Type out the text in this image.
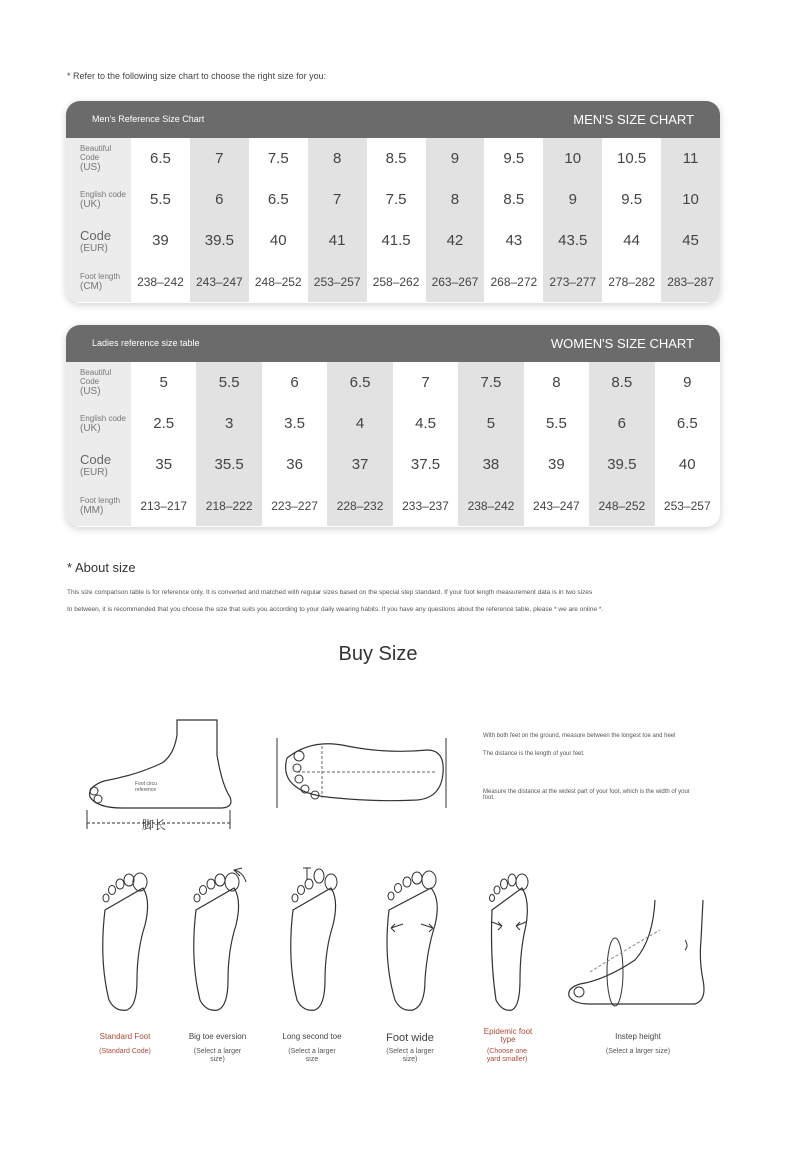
* Refer to the following size chart to choose the right size for you:
Men's Reference Size Chart	MEN'S SIZE CHART
Beautiful Code
(US)
6.5	7	7.5	8	8.5	9	9.5	10	10.5	11
English code
(UK)	5.5	6	6.5	7	7.5	8	8.5	9	9.5	10
Code
(EUR)	39	39.5	40	41	41.5	42	43	43.5	44	45
Foot length
(CM)	238–242	243–247	248–252	253–257	258–262	263–267	268–272	273–277	278–282	283–287
Ladies reference size table	WOMEN'S SIZE CHART
Beautiful Code
(US)
5	5.5	6	6.5	7	7.5	8	8.5	9
English code
(UK)	2.5	3	3.5	4	4.5	5	5.5	6	6.5
Code
(EUR)	35	35.5	36	37	37.5	38	39	39.5	40
Foot length
(MM)	213–217	218–222	223–227	228–232	233–237	238–242	243–247	248–252	253–257
* About size
This size comparison table is for reference only. It is converted and matched with regular sizes based on the special step standard. If your foot length measurement data is in two sizes
In between, it is recommended that you choose the size that suits you according to your daily wearing habits. If you have any questions about the reference table, please * we are online *.
Buy Size
Foot circu reference
脚长
With both feet on the ground, measure between the longest toe and heel
The distance is the length of your feet.
Measure the distance at the widest part of your foot, which is the width of your foot.
Standard Foot
(Standard Code)
Big toe eversion
(Select a larger size)
Long second toe
(Select a larger size
Foot wide
(Select a larger size)
Epidemic foot type
(Choose one yard smaller)
Instep height
(Select a larger size)
